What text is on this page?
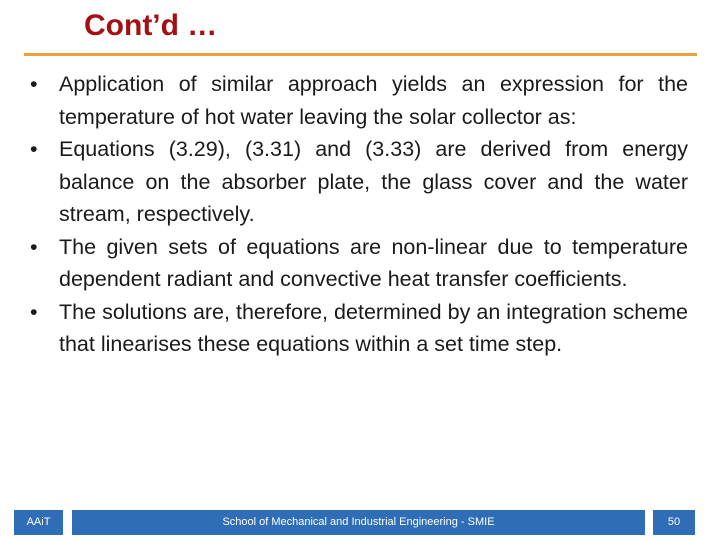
Cont’d …
• Application of similar approach yields an expression for the temperature of hot water leaving the solar collector as:
• Equations (3.29), (3.31) and (3.33) are derived from energy balance on the absorber plate, the glass cover and the water stream, respectively.
• The given sets of equations are non-linear due to temperature dependent radiant and convective heat transfer coefficients.
• The solutions are, therefore, determined by an integration scheme that linearises these equations within a set time step.
AAiT	School of Mechanical and Industrial Engineering - SMIE	50
